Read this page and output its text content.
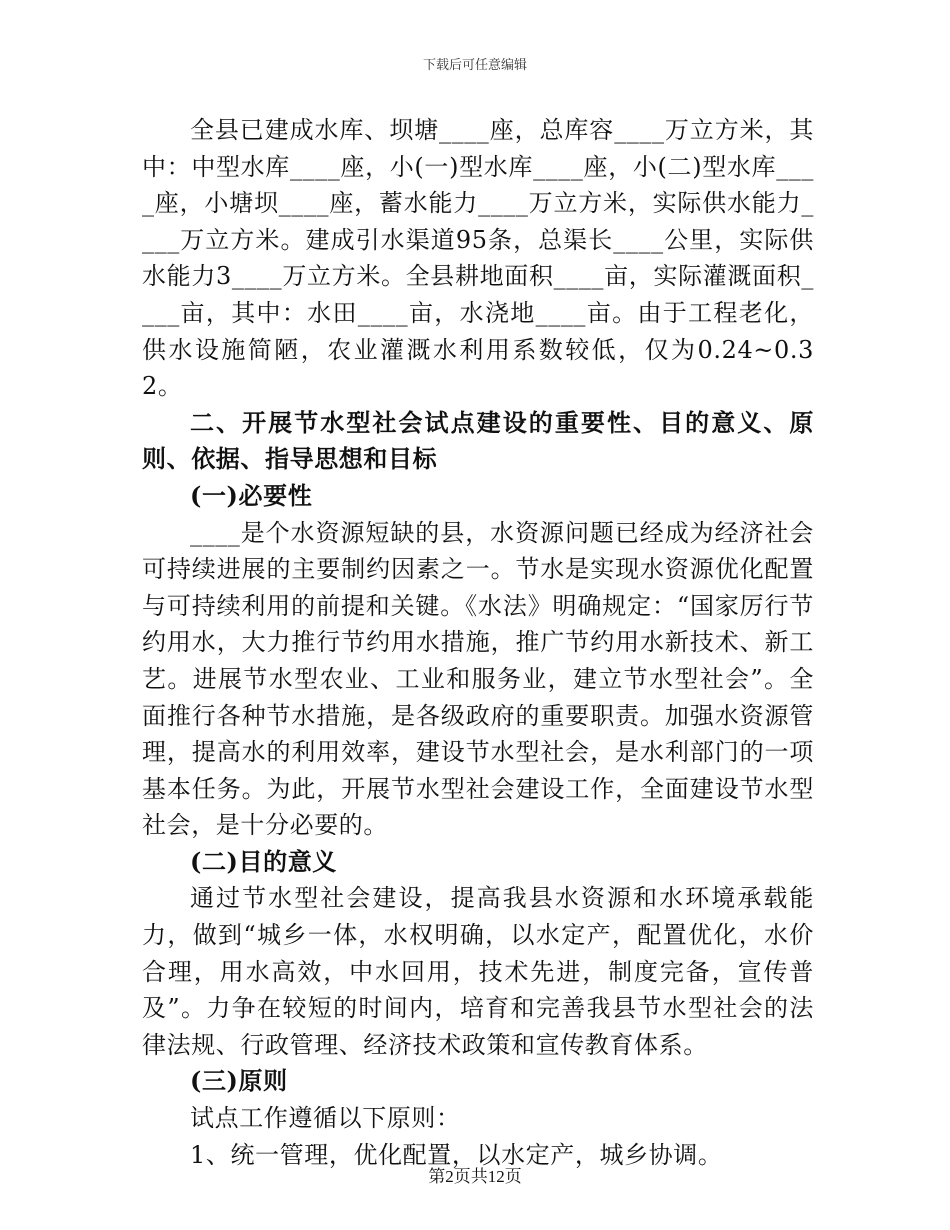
下载后可任意编辑

全县已建成水库、坝塘____座，总库容____万立方米，其中：中型水库____座，小(一)型水库____座，小(二)型水库____座，小塘坝____座，蓄水能力____万立方米，实际供水能力____万立方米。建成引水渠道95条，总渠长____公里，实际供水能力3____万立方米。全县耕地面积____亩，实际灌溉面积____亩，其中：水田____亩，水浇地____亩。由于工程老化，供水设施简陋，农业灌溉水利用系数较低，仅为0.24~0.32。

二、开展节水型社会试点建设的重要性、目的意义、原则、依据、指导思想和目标

(一)必要性

____是个水资源短缺的县，水资源问题已经成为经济社会可持续进展的主要制约因素之一。节水是实现水资源优化配置与可持续利用的前提和关键。《水法》明确规定：“国家厉行节约用水，大力推行节约用水措施，推广节约用水新技术、新工艺。进展节水型农业、工业和服务业，建立节水型社会”。全面推行各种节水措施，是各级政府的重要职责。加强水资源管理，提高水的利用效率，建设节水型社会，是水利部门的一项基本任务。为此，开展节水型社会建设工作，全面建设节水型社会，是十分必要的。

(二)目的意义

通过节水型社会建设，提高我县水资源和水环境承载能力，做到“城乡一体，水权明确，以水定产，配置优化，水价合理，用水高效，中水回用，技术先进，制度完备，宣传普及”。力争在较短的时间内，培育和完善我县节水型社会的法律法规、行政管理、经济技术政策和宣传教育体系。

(三)原则

试点工作遵循以下原则：

1、统一管理，优化配置，以水定产，城乡协调。

第2页共12页
